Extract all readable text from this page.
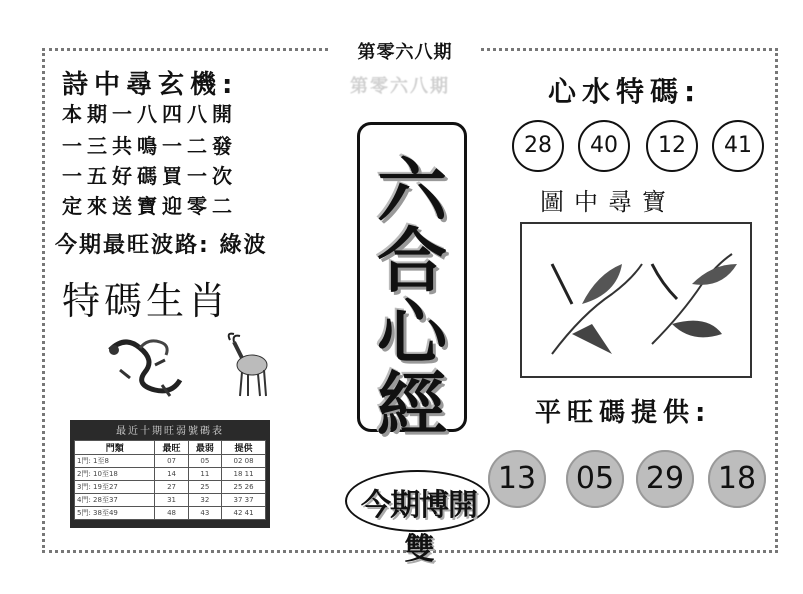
第零六八期
第零六八期
詩中尋玄機:
本期一八四八開
一三共鳴一二發
一五好碼買一次
定來送寶迎零二
今期最旺波路: 綠波
特碼生肖
六
合
心
經
心水特碼:
28	40	12	41
圖中尋寶
平旺碼提供:
13	05	29	18
今期博開雙
最近十期旺弱號碼表
門類	最旺	最弱	提供
1門: 1至8	07	05	02 08
2門: 10至18	14	11	18 11
3門: 19至27	27	25	25 26
4門: 28至37	31	32	37 37
5門: 38至49	48	43	42 41
